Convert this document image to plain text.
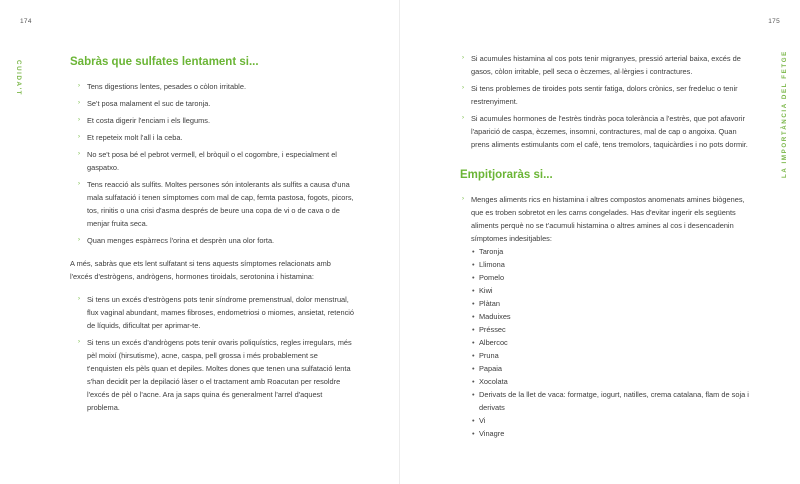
174
CUIDA'T	Sabràs que sulfates lentament si...
› Tens digestions lentes, pesades o còlon irritable.
› Se't posa malament el suc de taronja.
› Et costa digerir l'enciam i els llegums.
› Et repeteix molt l'all i la ceba.
› No se't posa bé el pebrot vermell, el bròquil o el cogombre, i especialment el gaspatxo.
› Tens reacció als sulfits. Moltes persones són intolerants als sulfits a causa d'una mala sulfatació i tenen símptomes com mal de cap, femta pastosa, fogots, picors, tos, rinitis o una crisi d'asma després de beure una copa de vi o de cava o de menjar fruita seca.
› Quan menges espàrrecs l'orina et desprèn una olor forta.

A més, sabràs que ets lent sulfatant si tens aquests símptomes relacionats amb l'excés d'estrògens, andrògens, hormones tiroidals, serotonina i histamina:

› Si tens un excés d'estrògens pots tenir síndrome premenstrual, dolor menstrual, flux vaginal abundant, mames fibroses, endometriosi o miomes, ansietat, retenció de líquids, dificultat per aprimar-te.
› Si tens un excés d'andrògens pots tenir ovaris poliquístics, regles irregulars, més pèl moixí (hirsutisme), acne, caspa, pell grossa i més probablement se t'enquisten els pèls quan et depiles. Moltes dones que tenen una sulfatació lenta s'han decidit per la depilació làser o el tractament amb Roacutan per resoldre l'excés de pèl o l'acne. Ara ja saps quina és generalment l'arrel d'aquest problema.
175
› Si acumules histamina al cos pots tenir migranyes, pressió arterial baixa, excés de gasos, còlon irritable, pell seca o èczemes, al·lèrgies i contractures.
› Si tens problemes de tiroides pots sentir fatiga, dolors crònics, ser fredeluc o tenir restrenyiment.
› Si acumules hormones de l'estrès tindràs poca tolerància a l'estrès, que pot afavorir l'aparició de caspa, èczemes, insomni, contractures, mal de cap o angoixa. Quan prens aliments estimulants com el cafè, tens tremolors, taquicàrdies i no pots dormir.
Empitjoraràs si...
› Menges aliments rics en histamina i altres compostos anomenats amines biògenes, que es troben sobretot en les carns congelades. Has d'evitar ingerir els següents aliments perquè no se t'acumuli histamina o altres amines al cos i desencadenin símptomes indesitjables:
• Taronja
• Llimona
• Pomelo
• Kiwi
• Plàtan
• Maduixes
• Préssec
• Albercoc
• Pruna
• Papaia
• Xocolata
• Derivats de la llet de vaca: formatge, iogurt, natilles, crema catalana, flam de soja i derivats
• Vi
• Vinagre
LA IMPORTÀNCIA DEL FETGE
